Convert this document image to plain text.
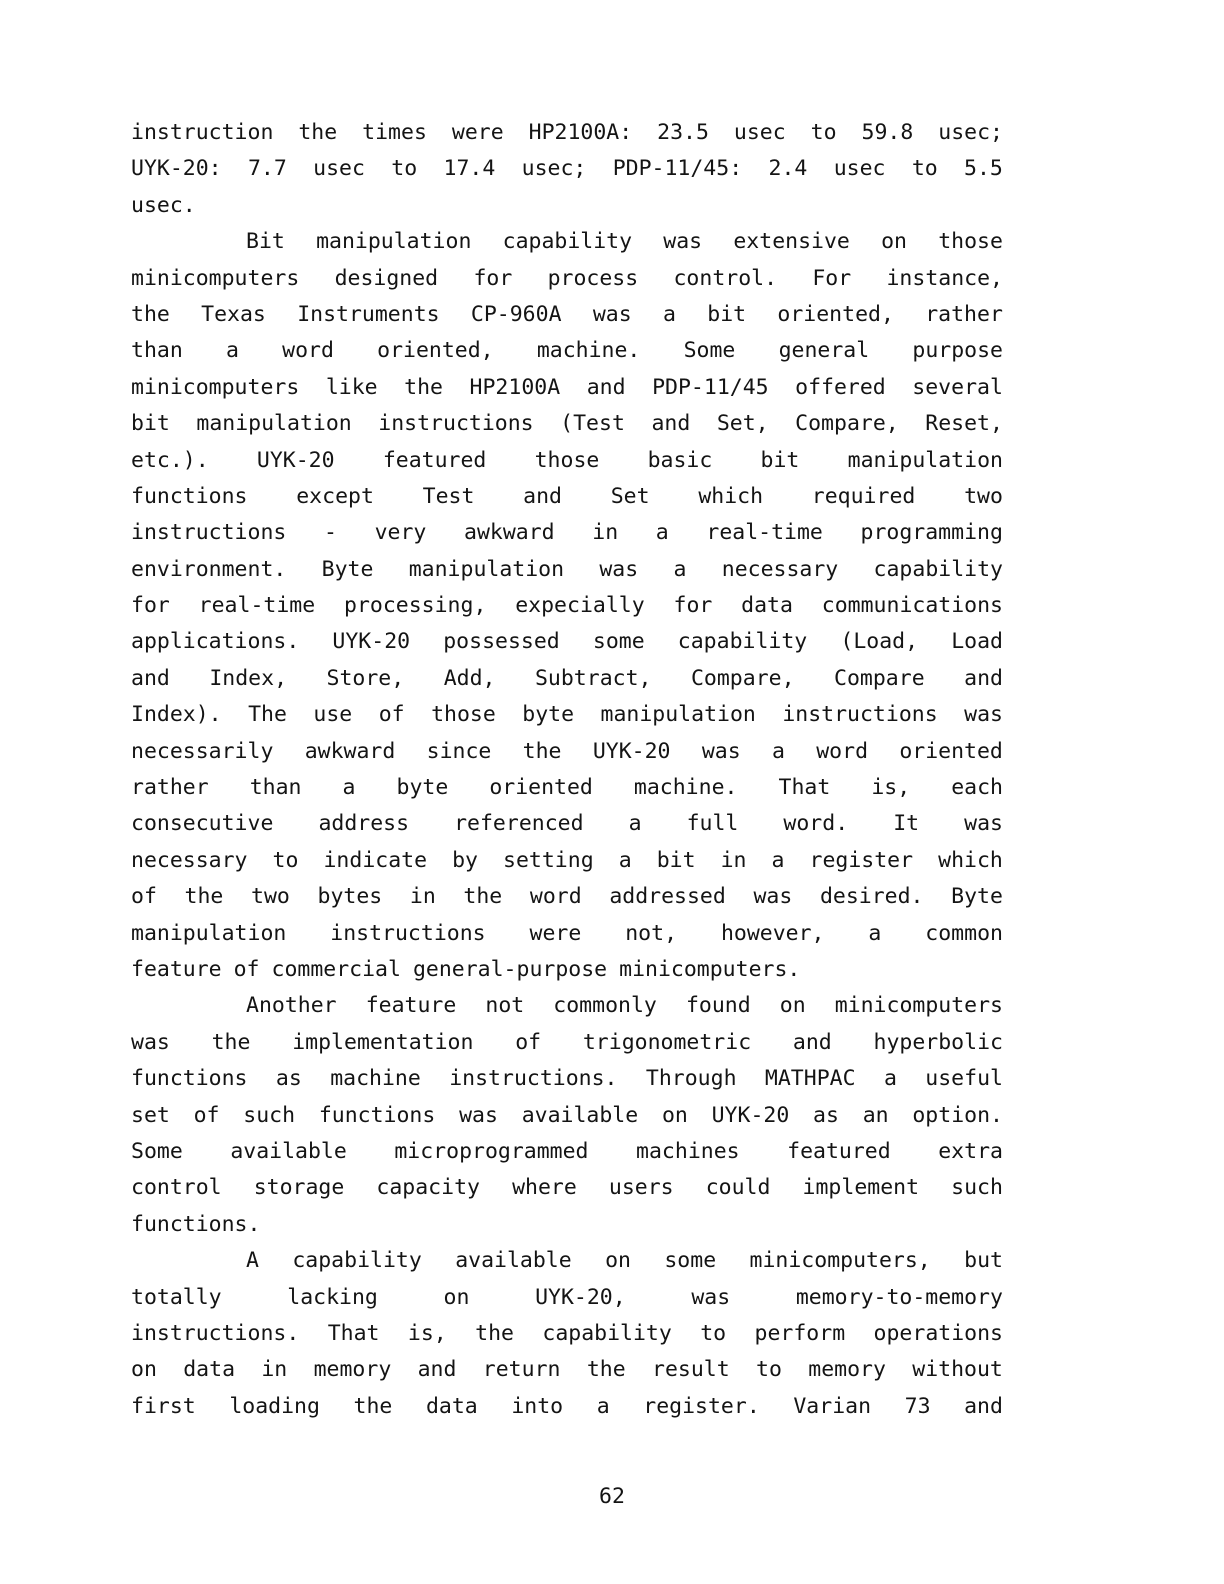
instruction the times were HP2100A: 23.5 usec to 59.8 usec;
UYK-20: 7.7 usec to 17.4 usec; PDP-11/45: 2.4 usec to 5.5
usec.
Bit manipulation capability was extensive on those
minicomputers designed for process control. For instance,
the Texas Instruments CP-960A was a bit oriented, rather
than a word oriented, machine. Some general purpose
minicomputers like the HP2100A and PDP-11/45 offered several
bit manipulation instructions (Test and Set, Compare, Reset,
etc.). UYK-20 featured those basic bit manipulation
functions except Test and Set which required two
instructions - very awkward in a real-time programming
environment. Byte manipulation was a necessary capability
for real-time processing, expecially for data communications
applications. UYK-20 possessed some capability (Load, Load
and Index, Store, Add, Subtract, Compare, Compare and
Index). The use of those byte manipulation instructions was
necessarily awkward since the UYK-20 was a word oriented
rather than a byte oriented machine. That is, each
consecutive address referenced a full word. It was
necessary to indicate by setting a bit in a register which
of the two bytes in the word addressed was desired. Byte
manipulation instructions were not, however, a common
feature of commercial general-purpose minicomputers.
Another feature not commonly found on minicomputers
was the implementation of trigonometric and hyperbolic
functions as machine instructions. Through MATHPAC a useful
set of such functions was available on UYK-20 as an option.
Some available microprogrammed machines featured extra
control storage capacity where users could implement such
functions.
A capability available on some minicomputers, but
totally	lacking	on	UYK-20,	was	memory-to-memory
instructions. That is, the capability to perform operations
on data in memory and return the result to memory without
first loading the data into a register. Varian 73 and
62
